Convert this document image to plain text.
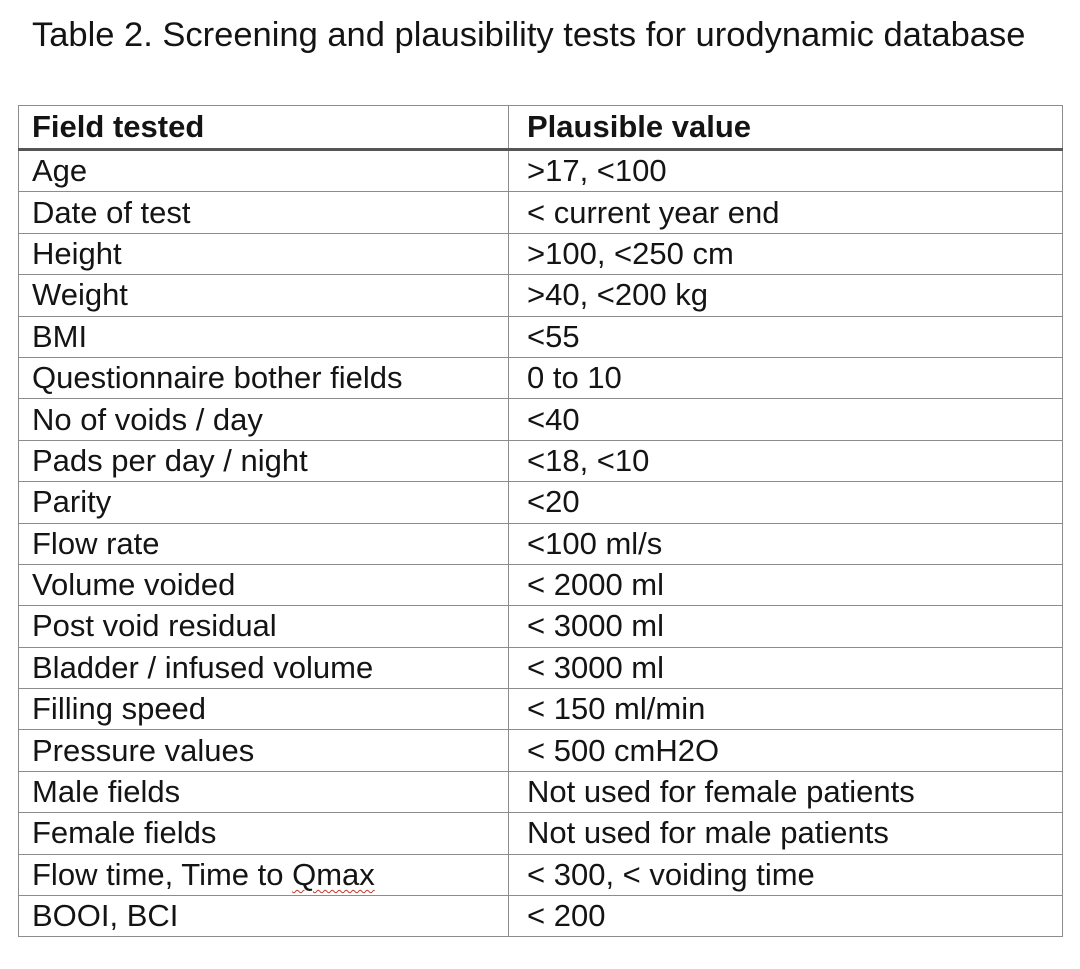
Table 2. Screening and plausibility tests for urodynamic database
Field tested	Plausible value
Age	>17, <100
Date of test	< current year end
Height	>100, <250 cm
Weight	>40, <200 kg
BMI	<55
Questionnaire bother fields	0 to 10
No of voids / day	<40
Pads per day / night	<18, <10
Parity	<20
Flow rate	<100 ml/s
Volume voided	< 2000 ml
Post void residual	< 3000 ml
Bladder / infused volume	< 3000 ml
Filling speed	< 150 ml/min
Pressure values	< 500 cmH2O
Male fields	Not used for female patients
Female fields	Not used for male patients
Flow time, Time to Qmax	< 300, < voiding time
BOOI, BCI	< 200
